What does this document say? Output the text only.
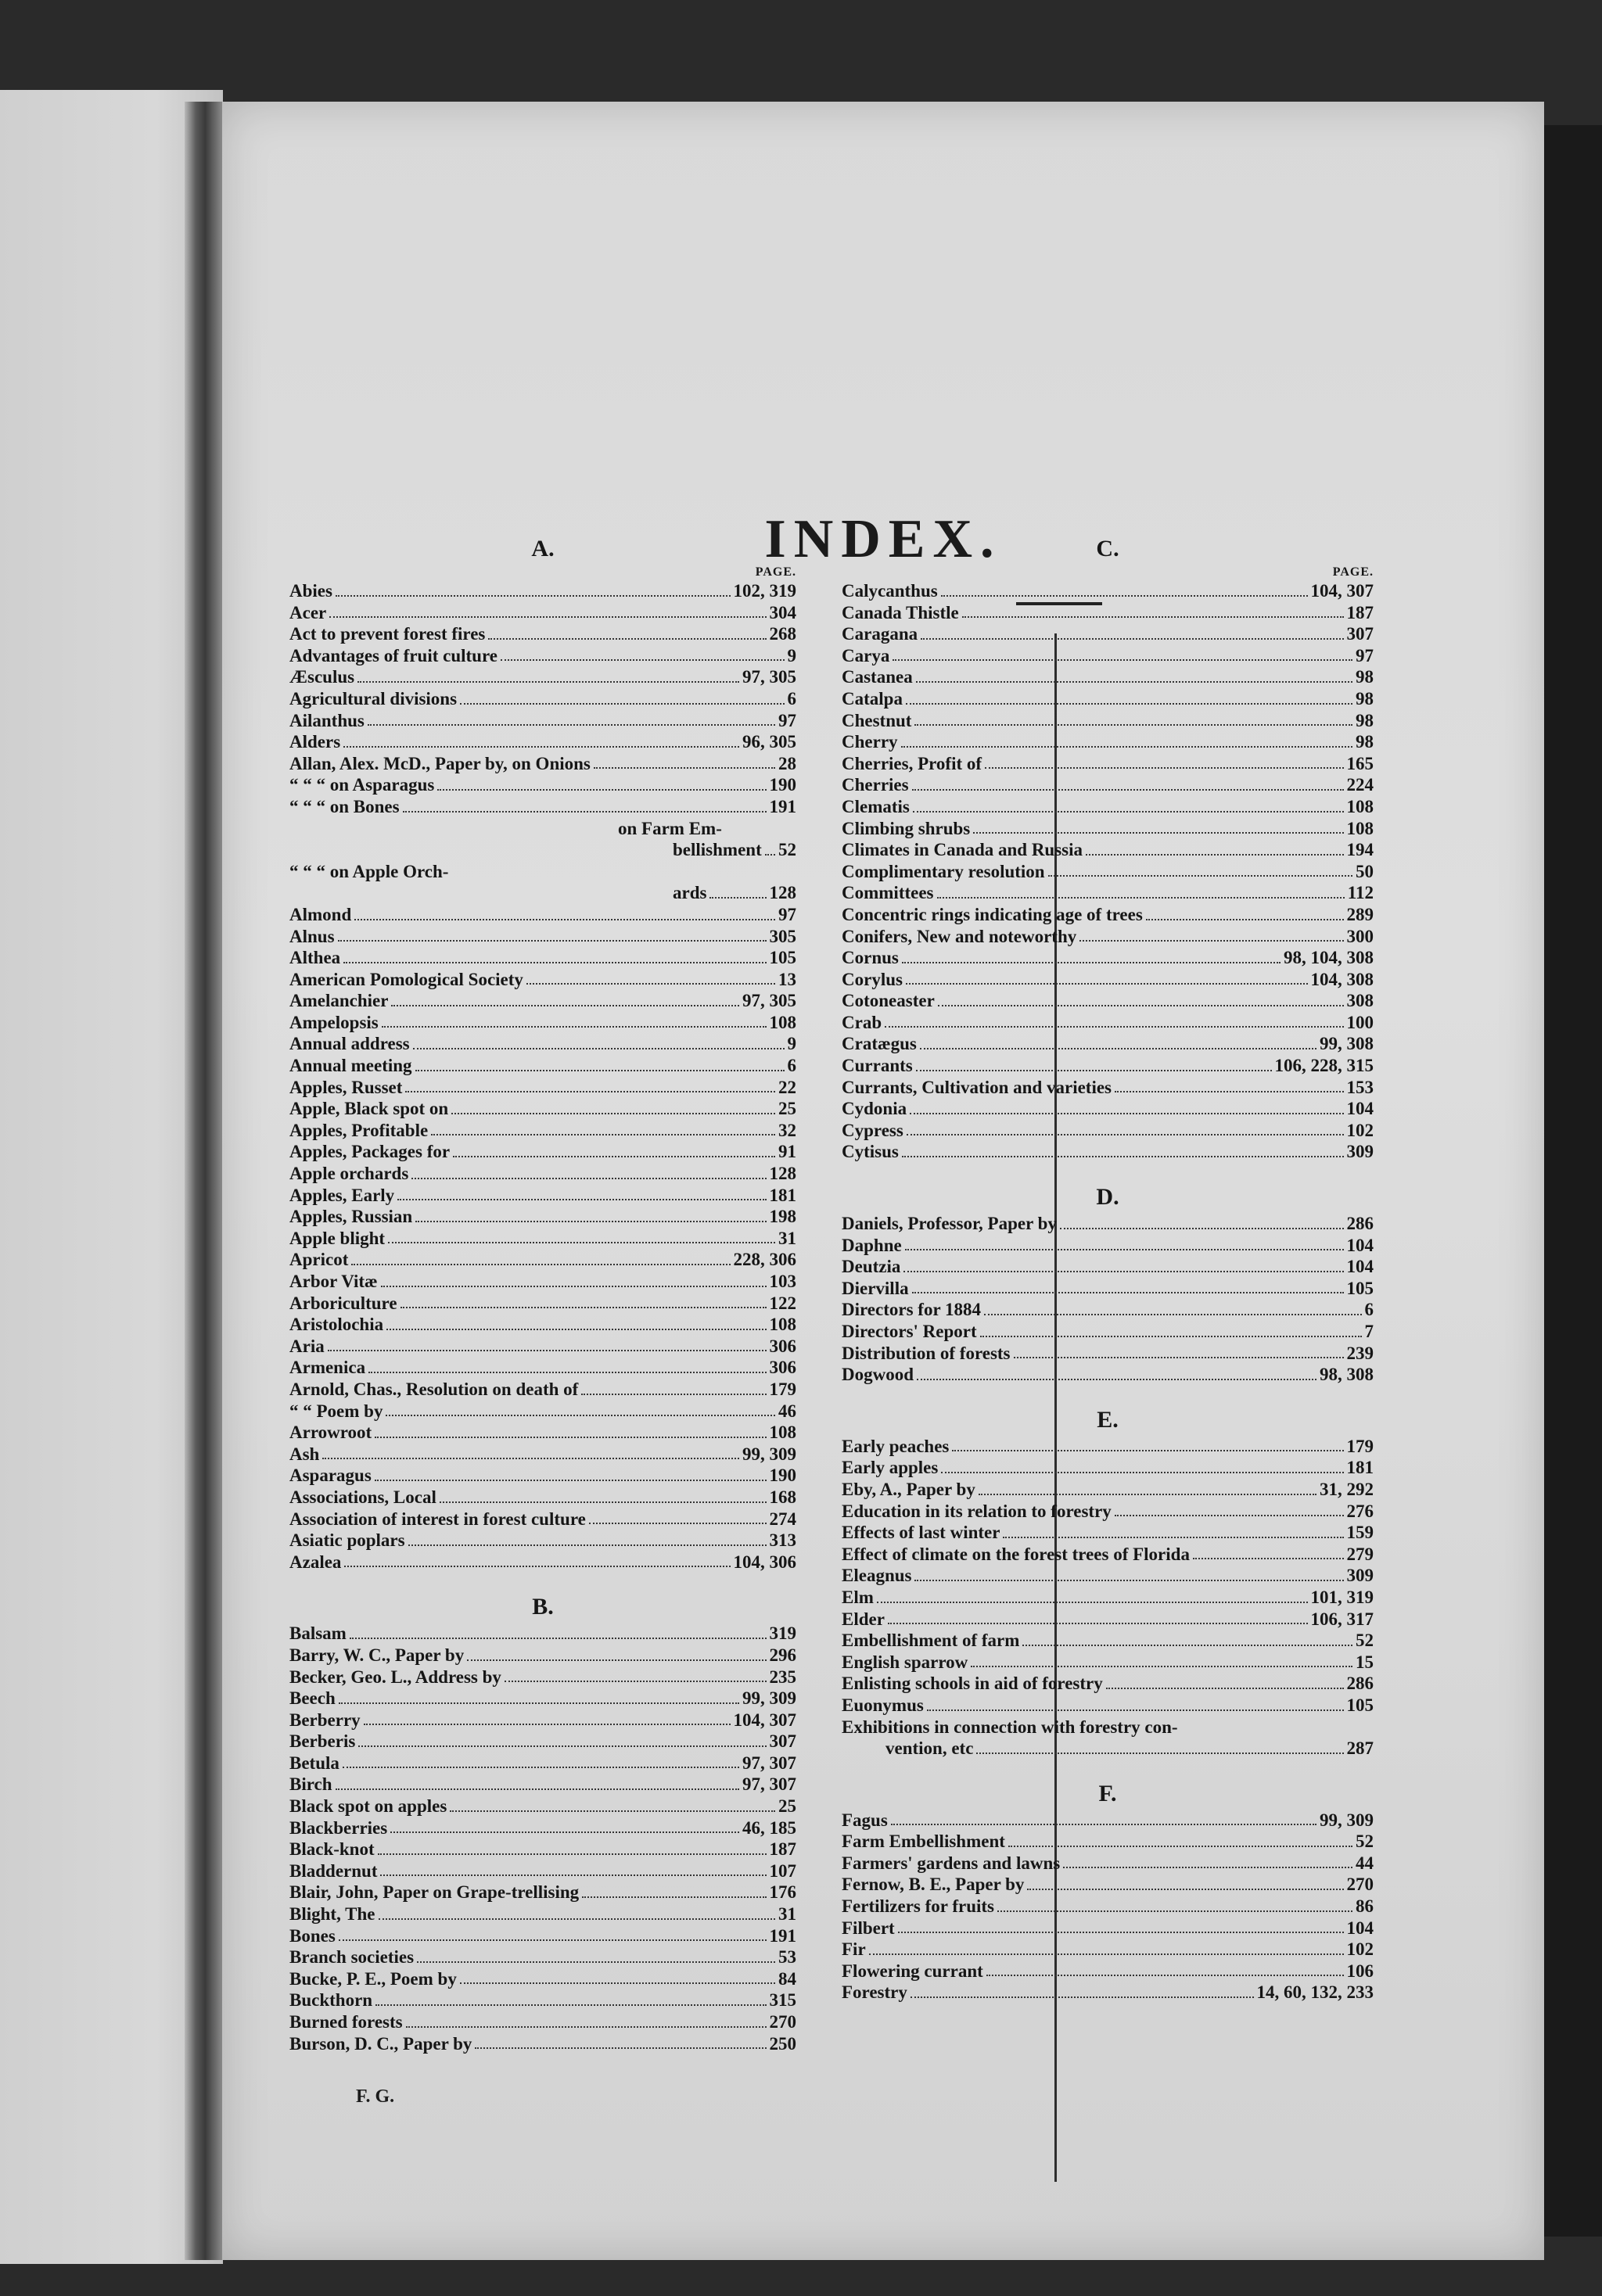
INDEX.
A.
PAGE.
Abies	102, 319
Acer	304
Act to prevent forest fires	268
Advantages of fruit culture	9
Æsculus	97, 305
Agricultural divisions	6
Ailanthus	97
Alders	96, 305
Allan, Alex. McD., Paper by, on Onions	28
“ “ “ on Asparagus	190
“ “ “ on Bones	191
on Farm Em-
bellishment 52
“ “ “ on Apple Orch-
ards	128
Almond	97
Alnus	305
Althea	105
American Pomological Society	13
Amelanchier	97, 305
Ampelopsis	108
Annual address	9
Annual meeting	6
Apples, Russet	22
Apple, Black spot on	25
Apples, Profitable	32
Apples, Packages for	91
Apple orchards	128
Apples, Early	181
Apples, Russian	198
Apple blight	31
Apricot	228, 306
Arbor Vitæ	103
Arboriculture	122
Aristolochia	108
Aria	306
Armenica	306
Arnold, Chas., Resolution on death of	179
“ “ Poem by	46
Arrowroot	108
Ash	99, 309
Asparagus	190
Associations, Local	168
Association of interest in forest culture	274
Asiatic poplars	313
Azalea	104, 306
B.
Balsam	319
Barry, W. C., Paper by	296
Becker, Geo. L., Address by	235
Beech	99, 309
Berberry	104, 307
Berberis	307
Betula	97, 307
Birch	97, 307
Black spot on apples	25
Blackberries	46, 185
Black-knot	187
Bladdernut	107
Blair, John, Paper on Grape-trellising	176
Blight, The	31
Bones	191
Branch societies	53
Bucke, P. E., Poem by	84
Buckthorn	315
Burned forests	270
Burson, D. C., Paper by	250
C.
PAGE.
Calycanthus	104, 307
Canada Thistle	187
Caragana	307
Carya	97
Castanea	98
Catalpa	98
Chestnut	98
Cherry	98
Cherries, Profit of	165
Cherries	224
Clematis	108
Climbing shrubs	108
Climates in Canada and Russia	194
Complimentary resolution	50
Committees	112
Concentric rings indicating age of trees	289
Conifers, New and noteworthy	300
Cornus	98, 104, 308
Corylus	104, 308
Cotoneaster	308
Crab	100
Cratægus	99, 308
Currants	106, 228, 315
Currants, Cultivation and varieties	153
Cydonia	104
Cypress	102
Cytisus	309
D.
Daniels, Professor, Paper by	286
Daphne	104
Deutzia	104
Diervilla	105
Directors for 1884	6
Directors' Report	7
Distribution of forests	239
Dogwood	98, 308
E.
Early peaches	179
Early apples	181
Eby, A., Paper by	31, 292
Education in its relation to forestry	276
Effects of last winter	159
Effect of climate on the forest trees of Florida	279
Eleagnus	309
Elm	101, 319
Elder	106, 317
Embellishment of farm	52
English sparrow	15
Enlisting schools in aid of forestry	286
Euonymus	105
Exhibitions in connection with forestry con-
vention, etc	287
F.
Fagus	99, 309
Farm Embellishment	52
Farmers' gardens and lawns	44
Fernow, B. E., Paper by	270
Fertilizers for fruits	86
Filbert	104
Fir	102
Flowering currant	106
Forestry	14, 60, 132, 233
F. G.
